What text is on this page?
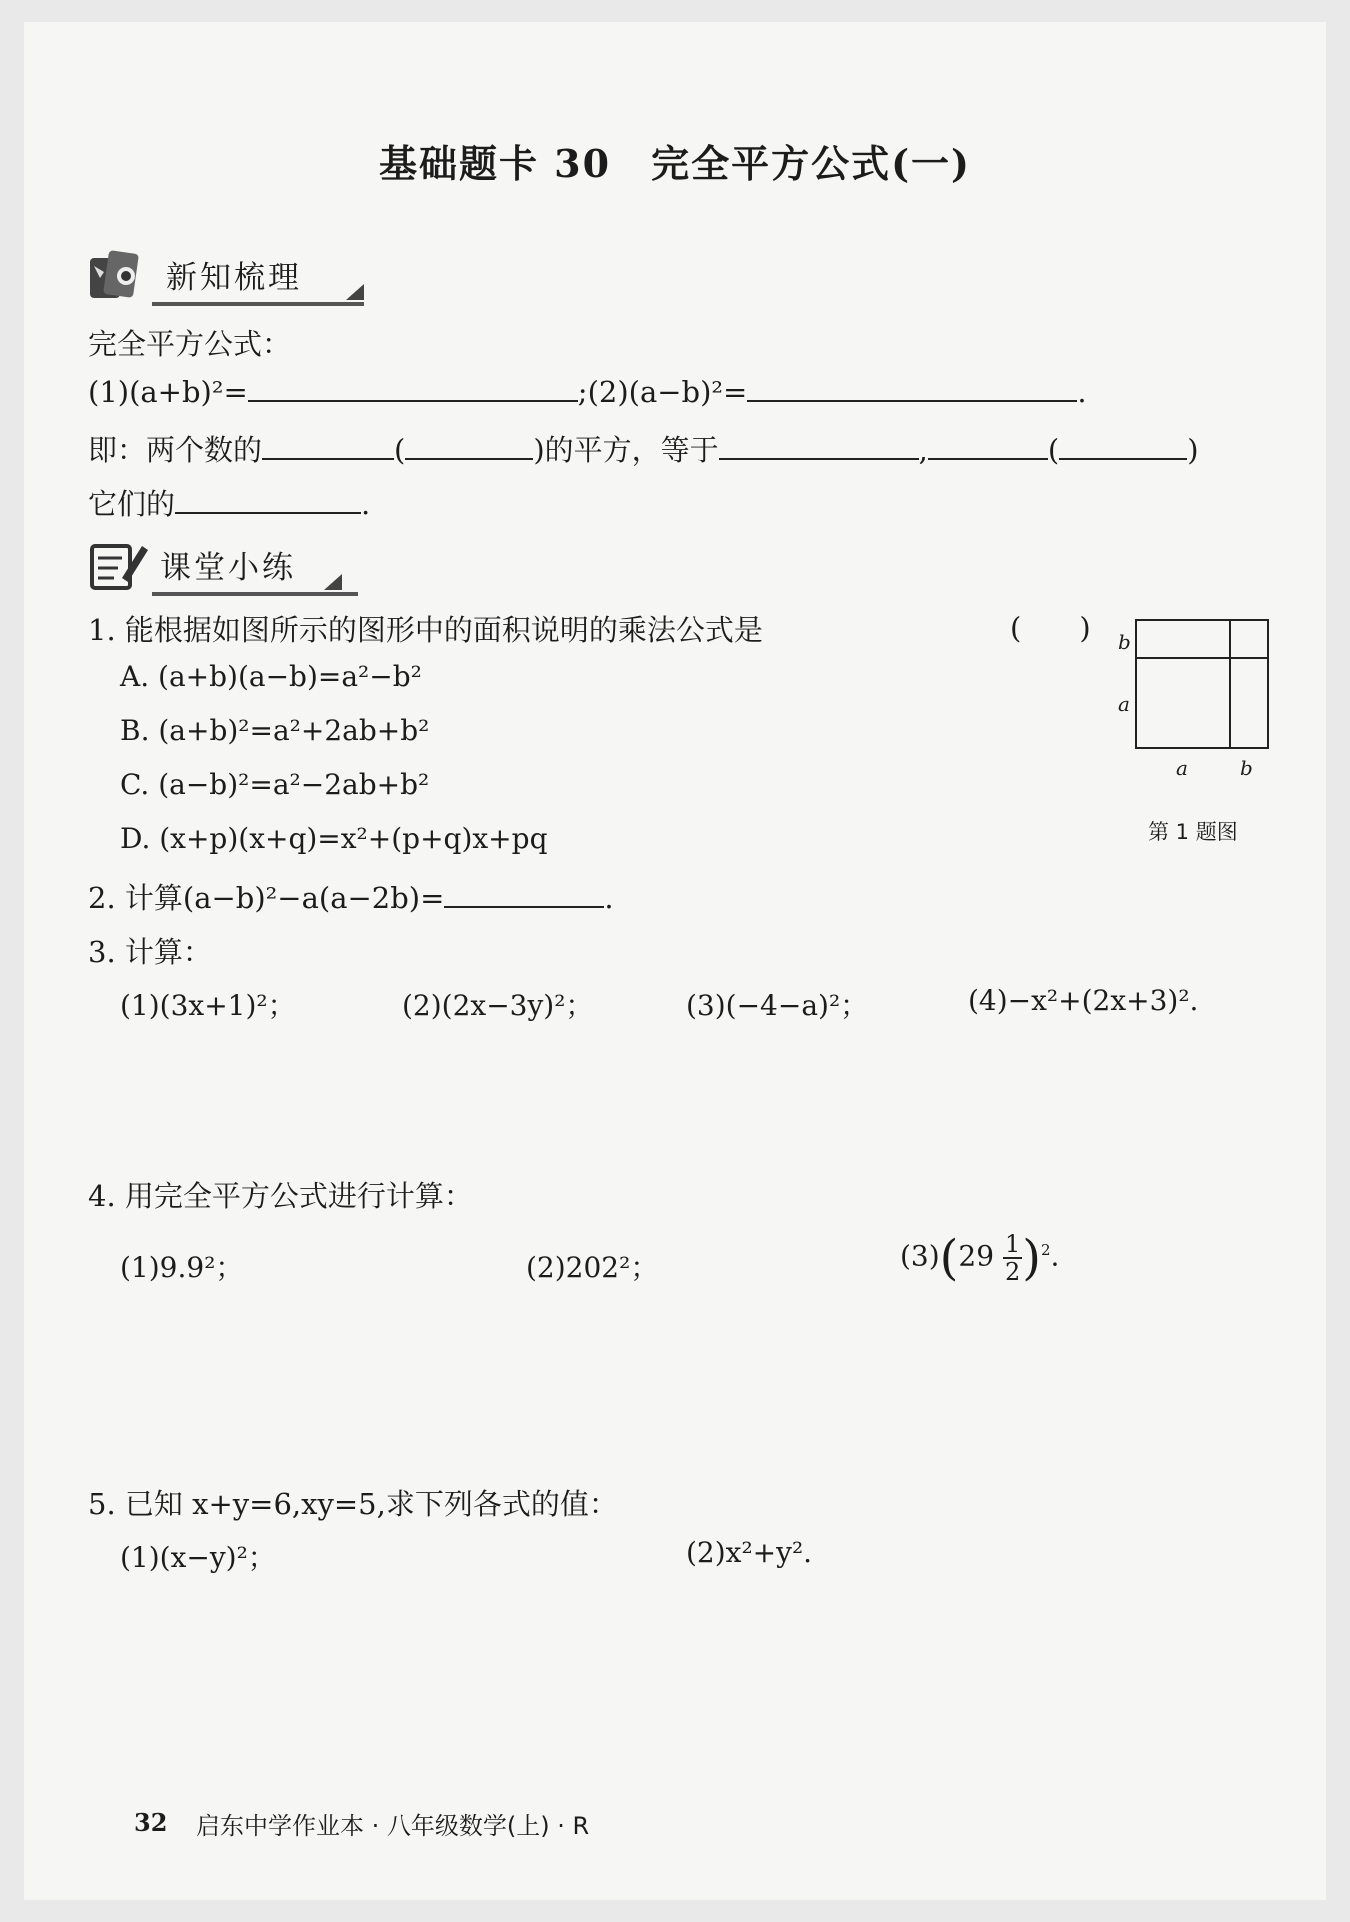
基础题卡 30　完全平方公式(一)
新知梳理
完全平方公式：
(1)(a+b)²=	;(2)(a−b)²=	.
即：两个数的	(	)的平方，等于	,	(	)
它们的	.
课堂小练
1. 能根据如图所示的图形中的面积说明的乘法公式是	(　　)
A. (a+b)(a−b)=a²−b²
B. (a+b)²=a²+2ab+b²
C. (a−b)²=a²−2ab+b²
D. (x+p)(x+q)=x²+(p+q)x+pq
b
a
a	b
第 1 题图
2. 计算(a−b)²−a(a−2b)=	.
3. 计算：
(1)(3x+1)²；	(2)(2x−3y)²；	(3)(−4−a)²；	(4)−x²+(2x+3)².
4. 用完全平方公式进行计算：
(1)9.9²；	(2)202²；	$(3)(29 \frac{1}{2} )^2$.
5. 已知 x+y=6,xy=5,求下列各式的值：
(1)(x−y)²；	(2)x²+y².
32 启东中学作业本 · 八年级数学(上) · R
